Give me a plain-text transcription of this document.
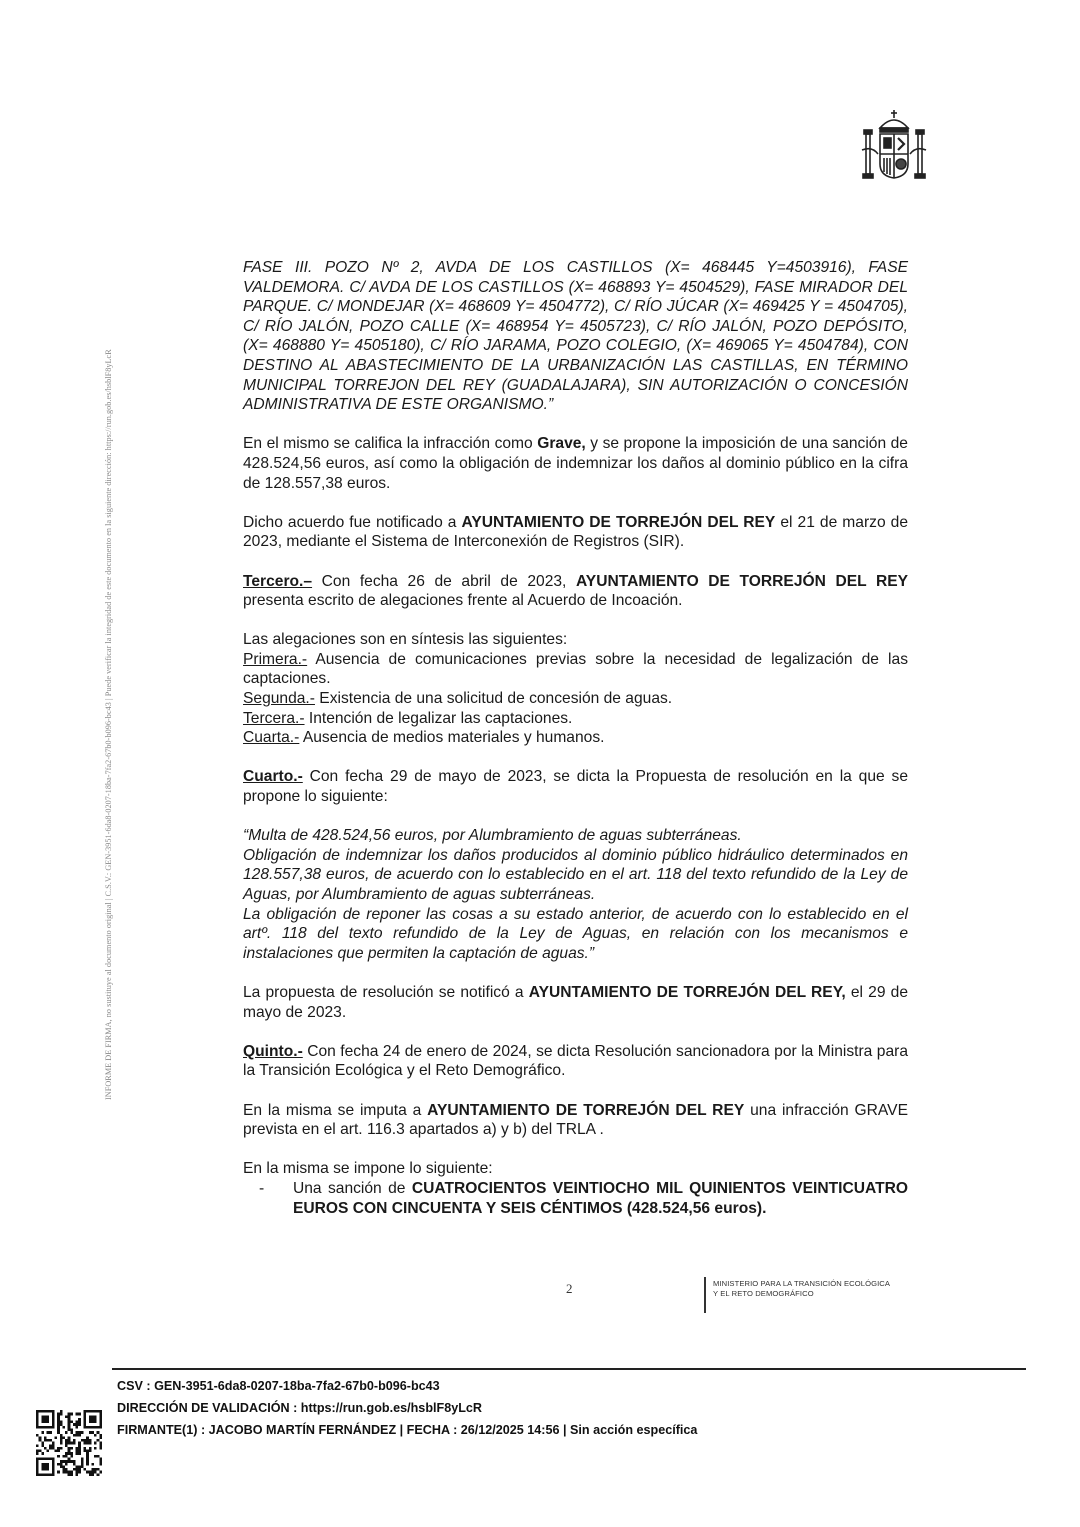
INFORME DE FIRMA, no sustituye al documento original | C.S.V.: GEN-3951-6da8-0207-18ba-7fa2-67b0-b096-bc43 | Puede verificar la integridad de este documento en la siguiente dirección: https://run.gob.es/hsblF8yLcR

FASE III. POZO Nº 2, AVDA DE LOS CASTILLOS (X= 468445 Y=4503916), FASE VALDEMORA. C/ AVDA DE LOS CASTILLOS (X= 468893 Y= 4504529), FASE MIRADOR DEL PARQUE. C/ MONDEJAR (X= 468609 Y= 4504772), C/ RÍO JÚCAR (X= 469425 Y = 4504705), C/ RÍO JALÓN, POZO CALLE (X= 468954 Y= 4505723), C/ RÍO JALÓN, POZO DEPÓSITO, (X= 468880 Y= 4505180), C/ RÍO JARAMA, POZO COLEGIO, (X= 469065 Y= 4504784), CON DESTINO AL ABASTECIMIENTO DE LA URBANIZACIÓN LAS CASTILLAS, EN TÉRMINO MUNICIPAL TORREJON DEL REY (GUADALAJARA), SIN AUTORIZACIÓN O CONCESIÓN ADMINISTRATIVA DE ESTE ORGANISMO.”

En el mismo se califica la infracción como Grave, y se propone la imposición de una sanción de 428.524,56 euros, así como la obligación de indemnizar los daños al dominio público en la cifra de 128.557,38 euros.

Dicho acuerdo fue notificado a AYUNTAMIENTO DE TORREJÓN DEL REY el 21 de marzo de 2023, mediante el Sistema de Interconexión de Registros (SIR).

Tercero.– Con fecha 26 de abril de 2023, AYUNTAMIENTO DE TORREJÓN DEL REY presenta escrito de alegaciones frente al Acuerdo de Incoación.

Las alegaciones son en síntesis las siguientes:
Primera.- Ausencia de comunicaciones previas sobre la necesidad de legalización de las captaciones.
Segunda.- Existencia de una solicitud de concesión de aguas.
Tercera.- Intención de legalizar las captaciones.
Cuarta.- Ausencia de medios materiales y humanos.

Cuarto.- Con fecha 29 de mayo de 2023, se dicta la Propuesta de resolución en la que se propone lo siguiente:

“Multa de 428.524,56 euros, por Alumbramiento de aguas subterráneas.
Obligación de indemnizar los daños producidos al dominio público hidráulico determinados en 128.557,38 euros, de acuerdo con lo establecido en el art. 118 del texto refundido de la Ley de Aguas, por Alumbramiento de aguas subterráneas.
La obligación de reponer las cosas a su estado anterior, de acuerdo con lo establecido en el artº. 118 del texto refundido de la Ley de Aguas, en relación con los mecanismos e instalaciones que permiten la captación de aguas.”

La propuesta de resolución se notificó a AYUNTAMIENTO DE TORREJÓN DEL REY, el 29 de mayo de 2023.

Quinto.- Con fecha 24 de enero de 2024, se dicta Resolución sancionadora por la Ministra para la Transición Ecológica y el Reto Demográfico.

En la misma se imputa a AYUNTAMIENTO DE TORREJÓN DEL REY una infracción GRAVE prevista en el art. 116.3 apartados a) y b) del TRLA .

En la misma se impone lo siguiente:
-	Una sanción de CUATROCIENTOS VEINTIOCHO MIL QUINIENTOS VEINTICUATRO EUROS CON CINCUENTA Y SEIS CÉNTIMOS (428.524,56 euros).
2	MINISTERIO PARA LA TRANSICIÓN ECOLÓGICA
Y EL RETO DEMOGRÁFICO
CSV : GEN-3951-6da8-0207-18ba-7fa2-67b0-b096-bc43
DIRECCIÓN DE VALIDACIÓN : https://run.gob.es/hsblF8yLcR
FIRMANTE(1) : JACOBO MARTÍN FERNÁNDEZ | FECHA : 26/12/2025 14:56 | Sin acción específica
